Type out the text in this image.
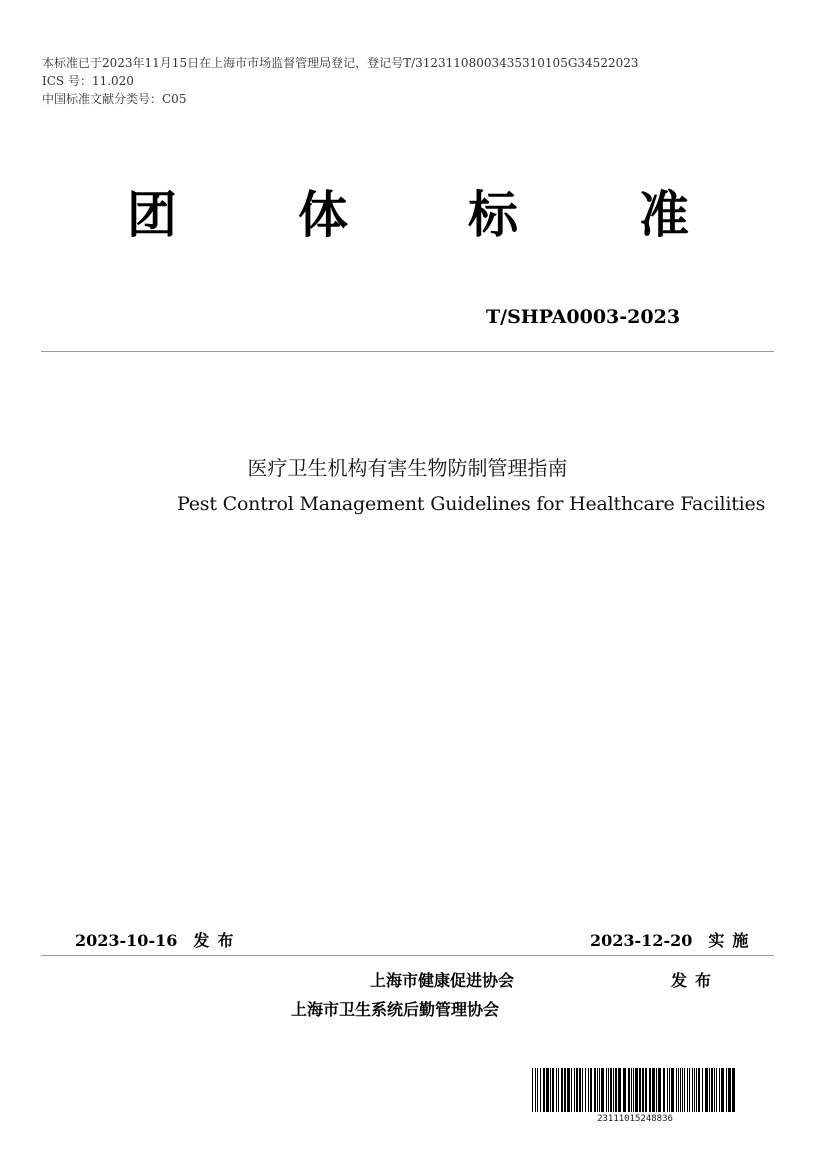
本标准已于2023年11月15日在上海市市场监督管理局登记，登记号T/31231108003435310105G34522023
ICS 号：11.020
中国标准文献分类号：C05
团 体 标 准
T/SHPA0003-2023
医疗卫生机构有害生物防制管理指南
Pest Control Management Guidelines for Healthcare Facilities
2023-10-16 发布	2023-12-20 实施
上海市健康促进协会
上海市卫生系统后勤管理协会
发布
23111015248836
